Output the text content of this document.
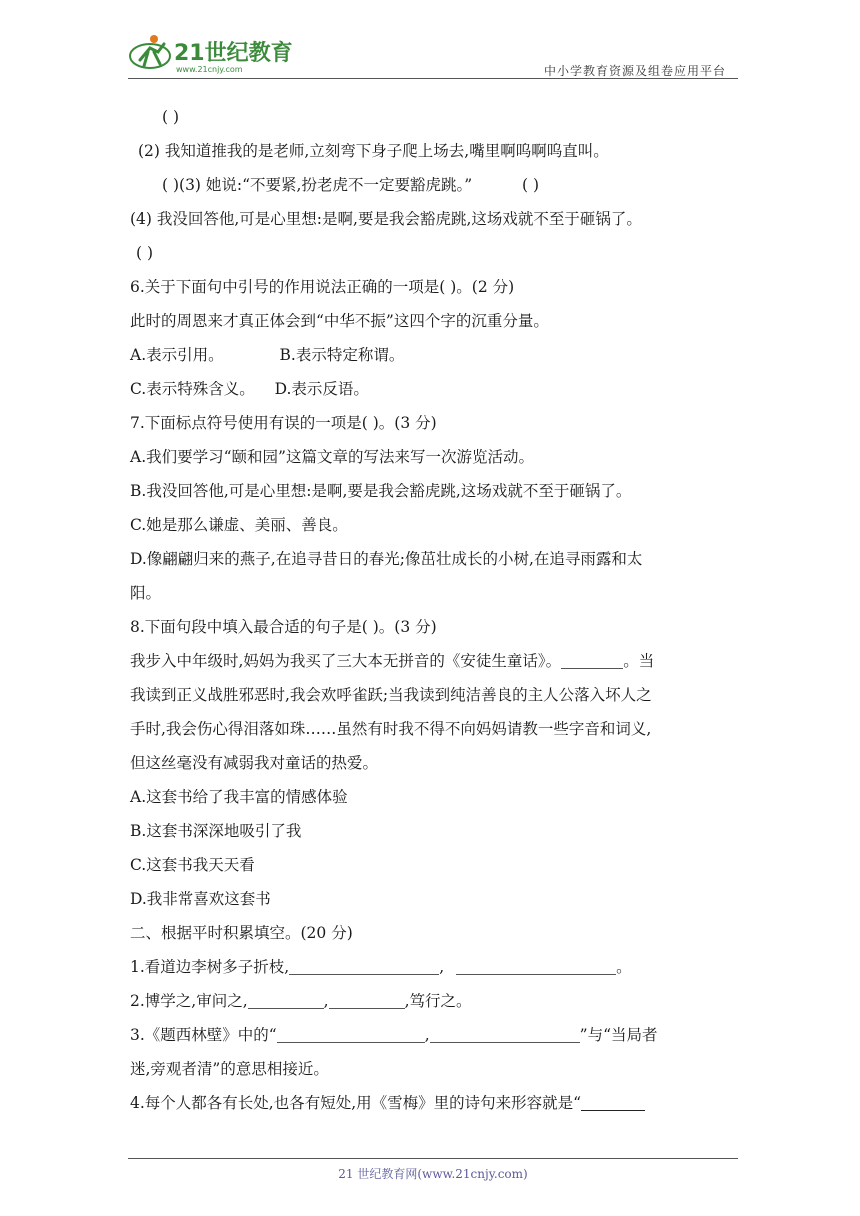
21世纪教育
www.21cnjy.com	中小学教育资源及组卷应用平台
( )
(2) 我知道推我的是老师,立刻弯下身子爬上场去,嘴里啊呜啊呜直叫。
( )(3) 她说:“不要紧,扮老虎不一定要豁虎跳。”	( )
(4) 我没回答他,可是心里想:是啊,要是我会豁虎跳,这场戏就不至于砸锅了。
( )
6.关于下面句中引号的作用说法正确的一项是( )。(2 分)
此时的周恩来才真正体会到“中华不振”这四个字的沉重分量。
A.表示引用。	B.表示特定称谓。
C.表示特殊含义。 D.表示反语。
7.下面标点符号使用有误的一项是( )。(3 分)
A.我们要学习“颐和园”这篇文章的写法来写一次游览活动。
B.我没回答他,可是心里想:是啊,要是我会豁虎跳,这场戏就不至于砸锅了。
C.她是那么谦虚、美丽、善良。
D.像翩翩归来的燕子,在追寻昔日的春光;像茁壮成长的小树,在追寻雨露和太
阳。
8.下面句段中填入最合适的句子是( )。(3 分)
我步入中年级时,妈妈为我买了三大本无拼音的《安徒生童话》。	。当
我读到正义战胜邪恶时,我会欢呼雀跃;当我读到纯洁善良的主人公落入坏人之
手时,我会伤心得泪落如珠……虽然有时我不得不向妈妈请教一些字音和词义,
但这丝毫没有减弱我对童话的热爱。
A.这套书给了我丰富的情感体验
B.这套书深深地吸引了我
C.这套书我天天看
D.我非常喜欢这套书
二、根据平时积累填空。(20 分)
1.看道边李树多子折枝,	,	。
2.博学之,审问之,	,	,笃行之。
3.《题西林壁》中的“	,	”与“当局者
迷,旁观者清”的意思相接近。
4.每个人都各有长处,也各有短处,用《雪梅》里的诗句来形容就是“
21 世纪教育网(www.21cnjy.com)
